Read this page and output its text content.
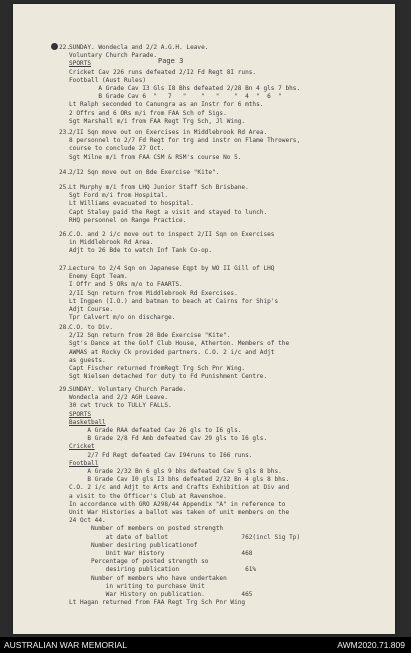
Page 3
22.
SUNDAY. Wondecla and 2/2 A.G.H. Leave.
Voluntary Church Parade.
SPORTS
Cricket Cav 226 runs defeated 2/I2 Fd Regt 8I runs.
Football (Aust Rules)
A Grade Cav I3 Gls I8 Bhs defeated 2/28 Bn 4 gls 7 bhs.
B Grade Cav 6  "   7   "    "   "    "  4  "  6  "
Lt Ralph seconded to Canungra as an Instr for 6 mths.
2 Offrs and 6 ORs m/i from FAA Sch of Sigs.
Sgt Marshall m/i from FAA Regt Trg Sch, Jl Wing.
23.
2/II Sqn move out on Exercises in Middlebrook Rd Area.
8 personnel to 2/7 Fd Regt for trg and instr on Flame Throwers,
course to conclude 27 Oct.
Sgt Milne m/i from FAA CSM & RSM's course No 5.
24.
2/I2 Sqn move out on Bde Exercise "Kite".
25.
Lt Murphy m/i from LHQ Junior Staff Sch Brisbane.
Sgt Ford m/i from Hospital.
Lt Williams evacuated to hospital.
Capt Staley paid the Regt a visit and stayed to lunch.
RHQ personnel on Range Practice.
26.
C.O. and 2 i/c move out to inspect 2/II Sqn on Exercises
in Middlebrook Rd Area.
Adjt to 26 Bde to watch Inf Tank Co-op.
27.
Lecture to 2/4 Sqn on Japanese Eqpt by WO II Gill of LHQ
Enemy Eqpt Team.
I Offr and 5 ORs m/o to FAARTS.
2/II Sqn return from Middlebrook Rd Exercises.
Lt Ingpen (I.O.) and batman to beach at Cairns for Ship's
Adjt Course.
Tpr Calvert m/o on discharge.
28.
C.O. to Div.
2/I2 Sqn return from 20 Bde Exercise "Kite".
Sgt's Dance at the Golf Club House, Atherton. Members of the
AWMAS at Rocky Ck provided partners. C.O. 2 i/c and Adjt
as guests.
Capt Fischer returned fromRegt Trg Sch Pnr Wing.
Sgt Nielsen detached for duty to Fd Punishment Centre.
29.
SUNDAY. Voluntary Church Parade.
Wondecla and 2/2 AGH Leave.
30 cwt truck to TULLY FALLS.
SPORTS
Basketball
A Grade RAA defeated Cav 26 gls to I6 gls.
B Grade 2/8 Fd Amb defeated Cav 29 gls to I6 gls.
Cricket
2/7 Fd Regt defeated Cav I94runs to I66 runs.
Football
A Grade 2/32 Bn 6 gls 9 bhs defeated Cav 5 gls 8 bhs.
B Grade Cav I0 gls I3 bhs defeated 2/32 Bn 4 gls 8 bhs.
C.O. 2 i/c and Adjt to Arts and Crafts Exhibition at Div and
a visit to the Officer's Club at Ravenshoe.
In accordance with GRO A298/44 Appendix "A" in reference to
Unit War Histories a ballot was taken of unit members on the
24 Oct 44.
Number of members on posted strength
at date of ballot                    762(incl Sig Tp)
Number desiring publicationof
Unit War History                     468
Percentage of posted strength so
desiring publication                  61%
Number of members who have undertaken
in writing to purchase Unit
War History on publication.          465
Lt Hagan returned from FAA Regt Trg Sch Pnr Wing
AUSTRALIAN WAR MEMORIAL	AWM2020.71.809
